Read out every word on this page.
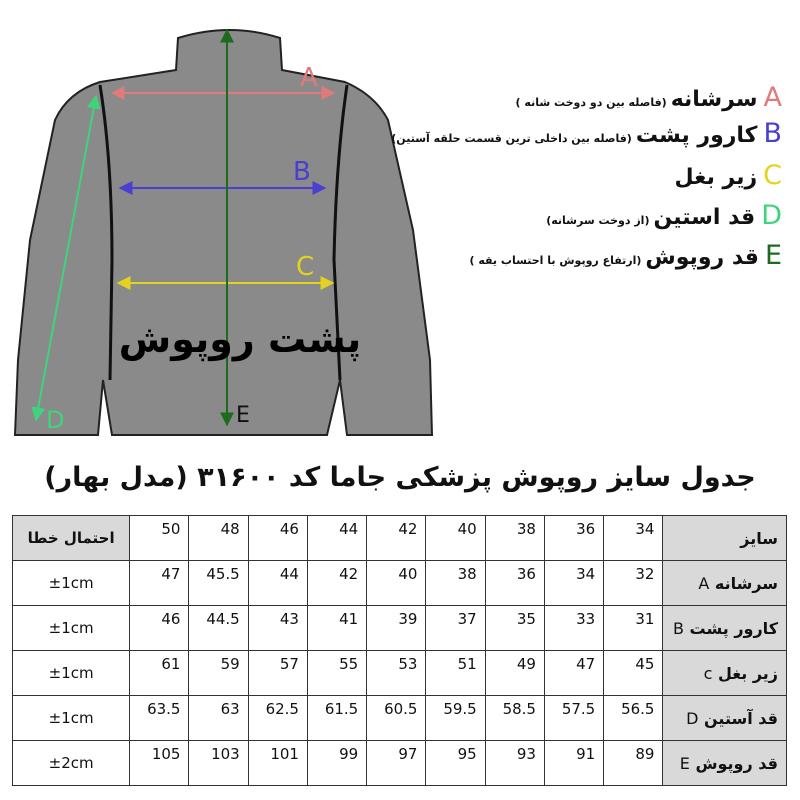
A
B
C
D	E
پشت روپوش
Aسرشانه(فاصله بین دو دوخت شانه )
Bکارور پشت(فاصله بین داخلی ترین قسمت حلقه آستین)
Cزیر بغل
Dقد استین(از دوخت سرشانه)
Eقد روپوش(ارتفاع روپوش با احتساب یقه )
جدول سایز روپوش پزشکی جاما کد ۳۱۶۰۰ (مدل بهار)
احتمال خطا	50	48	46	44	42	40	38	36	34	سایز
±1cm	47	45.5	44	42	40	38	36	34	32	سرشانه A
±1cm	46	44.5	43	41	39	37	35	33	31	کارور پشت B
±1cm	61	59	57	55	53	51	49	47	45	زیر بغل c
±1cm	63.5	63	62.5	61.5	60.5	59.5	58.5	57.5	56.5	قد آستین D
±2cm	105	103	101	99	97	95	93	91	89	قد روپوش E
